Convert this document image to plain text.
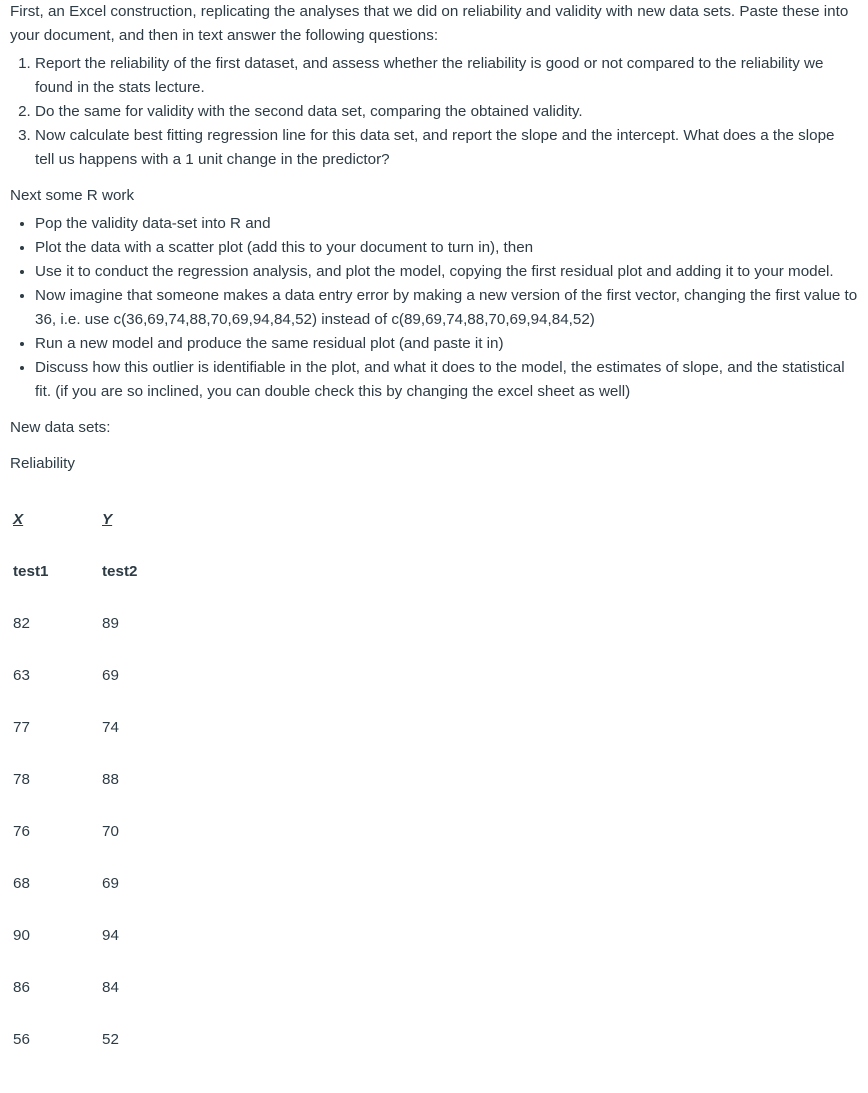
First, an Excel construction, replicating the analyses that we did on reliability and validity with new data sets. Paste these into your document, and then in text answer the following questions:

1. Report the reliability of the first dataset, and assess whether the reliability is good or not compared to the reliability we found in the stats lecture.
2. Do the same for validity with the second data set, comparing the obtained validity.
3. Now calculate best fitting regression line for this data set, and report the slope and the intercept. What does a the slope tell us happens with a 1 unit change in the predictor?

Next some R work

• Pop the validity data-set into R and
• Plot the data with a scatter plot (add this to your document to turn in), then
• Use it to conduct the regression analysis, and plot the model, copying the first residual plot and adding it to your model.
• Now imagine that someone makes a data entry error by making a new version of the first vector, changing the first value to 36, i.e. use c(36,69,74,88,70,69,94,84,52) instead of c(89,69,74,88,70,69,94,84,52)
• Run a new model and produce the same residual plot (and paste it in)
• Discuss how this outlier is identifiable in the plot, and what it does to the model, the estimates of slope, and the statistical fit. (if you are so inclined, you can double check this by changing the excel sheet as well)

New data sets:

Reliability

X	Y
test1	test2
82	89
63	69
77	74
78	88
76	70
68	69
90	94
86	84
56	52
